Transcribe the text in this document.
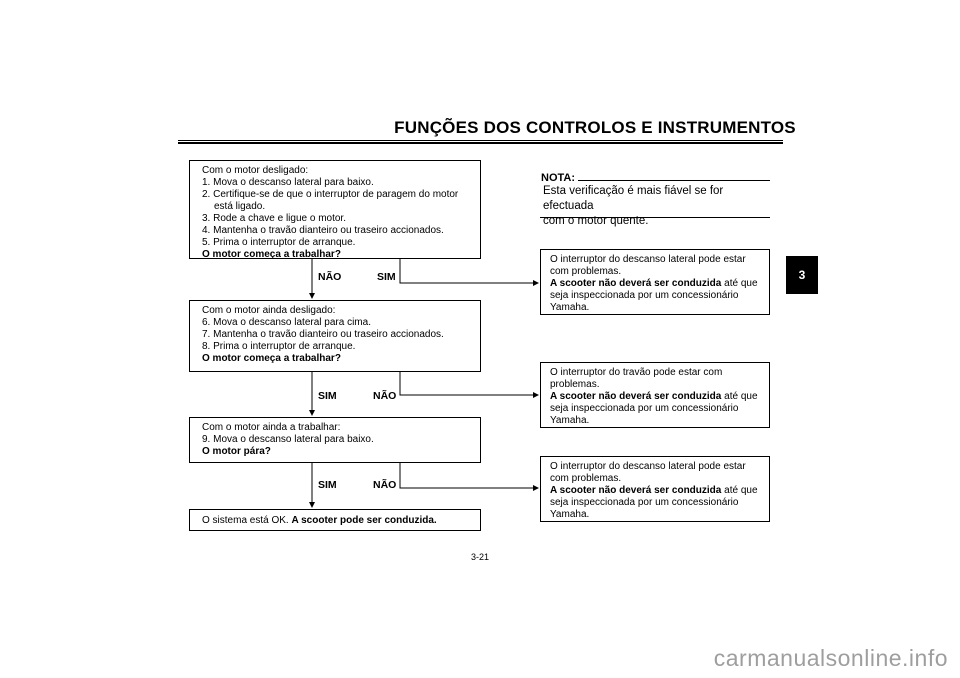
FUNÇÕES DOS CONTROLOS E INSTRUMENTOS
3
Com o motor desligado:
1. Mova o descanso lateral para baixo.
2. Certifique-se de que o interruptor de paragem do motor
está ligado.
3. Rode a chave e ligue o motor.
4. Mantenha o travão dianteiro ou traseiro accionados.
5. Prima o interruptor de arranque.
O motor começa a trabalhar?
NÃO	SIM
Com o motor ainda desligado:
6. Mova o descanso lateral para cima.
7. Mantenha o travão dianteiro ou traseiro accionados.
8. Prima o interruptor de arranque.
O motor começa a trabalhar?
SIM	NÃO
Com o motor ainda a trabalhar:
9. Mova o descanso lateral para baixo.
O motor pára?
SIM	NÃO
O sistema está OK. A scooter pode ser conduzida.
NOTA:
Esta verificação é mais fiável se for efectuada
com o motor quente.
O interruptor do descanso lateral pode estar
com problemas.
A scooter não deverá ser conduzida até que
seja inspeccionada por um concessionário
Yamaha.
O interruptor do travão pode estar com
problemas.
A scooter não deverá ser conduzida até que
seja inspeccionada por um concessionário
Yamaha.
O interruptor do descanso lateral pode estar
com problemas.
A scooter não deverá ser conduzida até que
seja inspeccionada por um concessionário
Yamaha.
3-21
carmanualsonline.info
